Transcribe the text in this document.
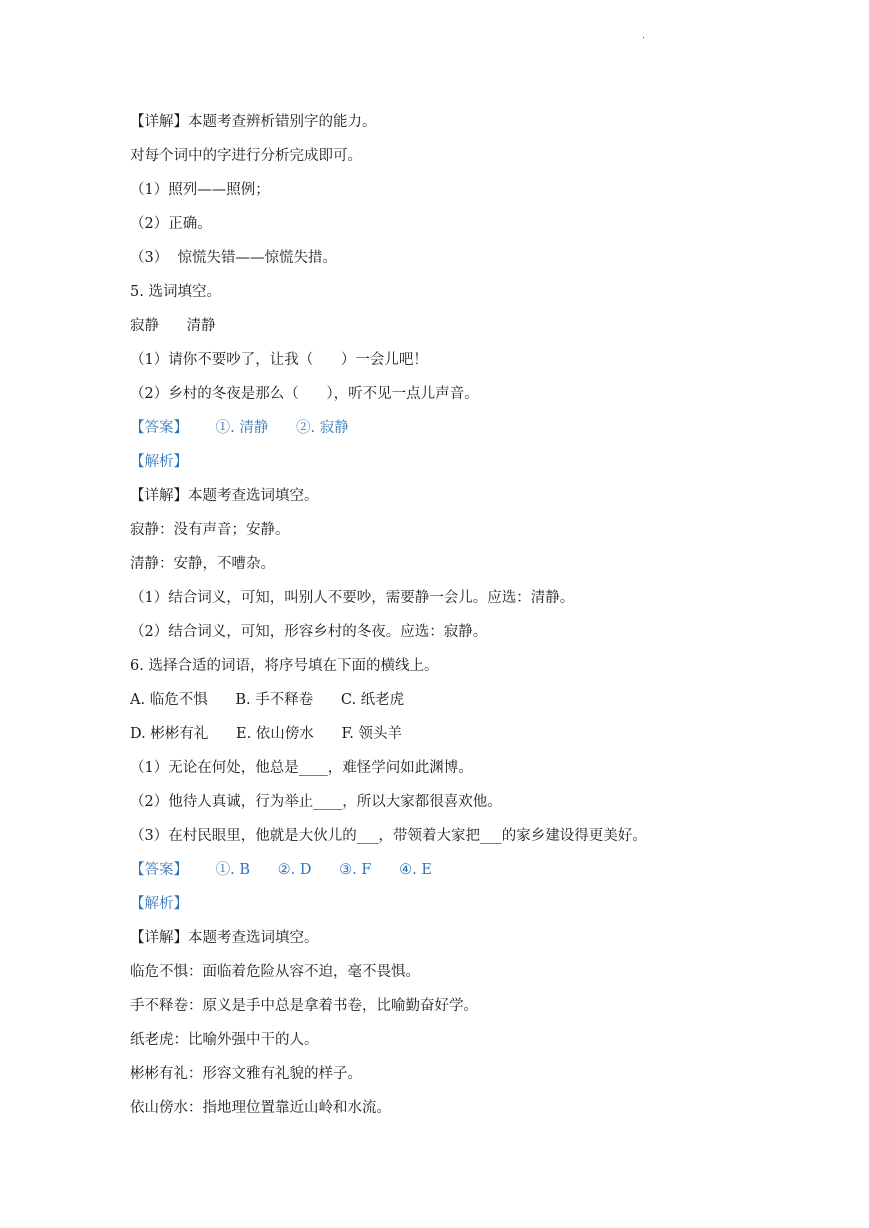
.
【详解】本题考查辨析错别字的能力。
对每个词中的字进行分析完成即可。
（1）照列——照例；
（2）正确。
（3）  惊慌失错——惊慌失措。
5. 选词填空。
寂静      清静
（1）请你不要吵了，让我（      ）一会儿吧！
（2）乡村的冬夜是那么（      ），听不见一点儿声音。
【答案】      ①. 清静      ②. 寂静
【解析】
【详解】本题考查选词填空。
寂静：没有声音；安静。
清静：安静，不嘈杂。
（1）结合词义，可知，叫别人不要吵，需要静一会儿。应选：清静。
（2）结合词义，可知，形容乡村的冬夜。应选：寂静。
6. 选择合适的词语，将序号填在下面的横线上。
A. 临危不惧      B. 手不释卷      C. 纸老虎
D. 彬彬有礼      E. 依山傍水      F. 领头羊
（1）无论在何处，他总是____，难怪学问如此渊博。
（2）他待人真诚，行为举止____，所以大家都很喜欢他。
（3）在村民眼里，他就是大伙儿的___，带领着大家把___的家乡建设得更美好。
【答案】      ①. B      ②. D      ③. F      ④. E
【解析】
【详解】本题考查选词填空。
临危不惧：面临着危险从容不迫，毫不畏惧。
手不释卷：原义是手中总是拿着书卷，比喻勤奋好学。
纸老虎：比喻外强中干的人。
彬彬有礼：形容文雅有礼貌的样子。
依山傍水：指地理位置靠近山岭和水流。
